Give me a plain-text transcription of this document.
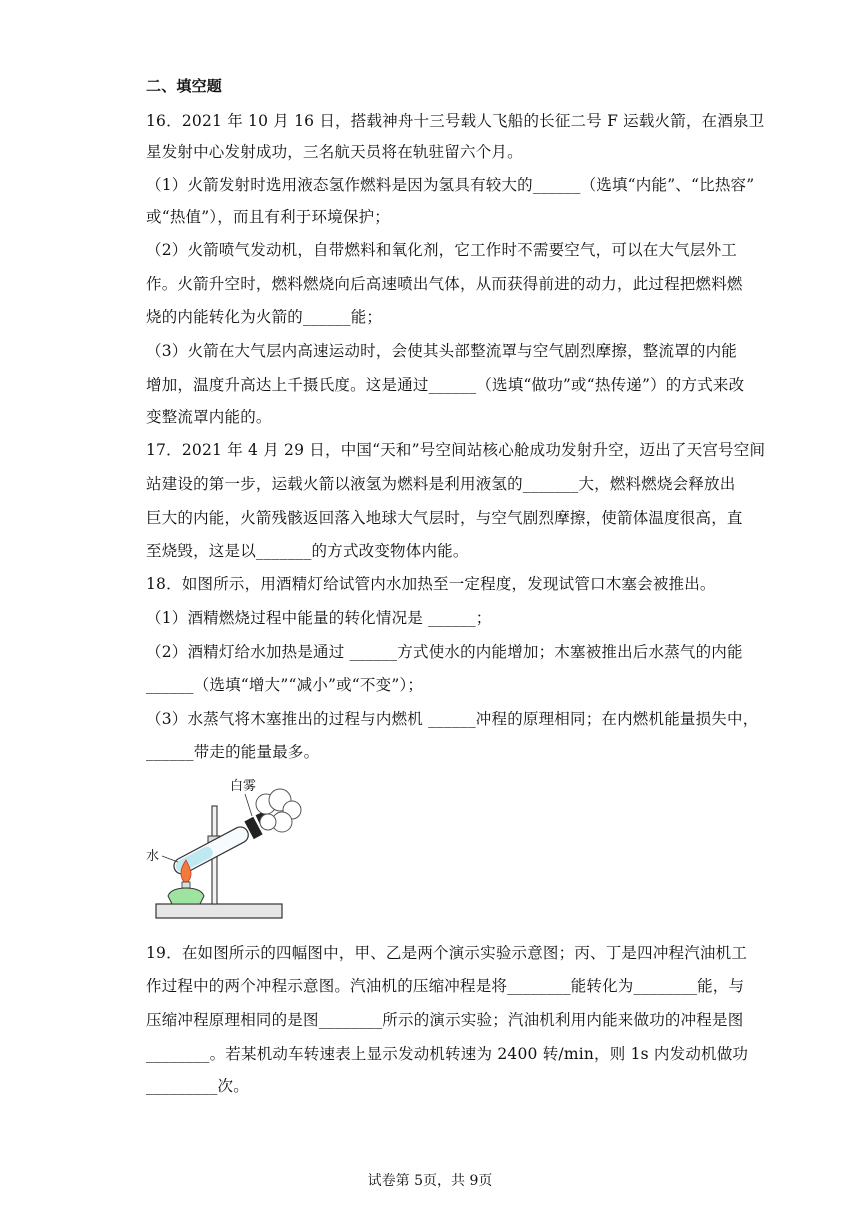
二、填空题
16．2021 年 10 月 16 日，搭载神舟十三号载人飞船的长征二号 F 运载火箭，在酒泉卫
星发射中心发射成功，三名航天员将在轨驻留六个月。
（1）火箭发射时选用液态氢作燃料是因为氢具有较大的______（选填“内能”、“比热容”
或“热值”），而且有利于环境保护；
（2）火箭喷气发动机，自带燃料和氧化剂，它工作时不需要空气，可以在大气层外工
作。火箭升空时，燃料燃烧向后高速喷出气体，从而获得前进的动力，此过程把燃料燃
烧的内能转化为火箭的______能；
（3）火箭在大气层内高速运动时，会使其头部整流罩与空气剧烈摩擦，整流罩的内能
增加，温度升高达上千摄氏度。这是通过______（选填“做功”或“热传递”）的方式来改
变整流罩内能的。
17．2021 年 4 月 29 日，中国“天和”号空间站核心舱成功发射升空，迈出了天宫号空间
站建设的第一步，运载火箭以液氢为燃料是利用液氢的_______大，燃料燃烧会释放出
巨大的内能，火箭残骸返回落入地球大气层时，与空气剧烈摩擦，使箭体温度很高，直
至烧毁，这是以_______的方式改变物体内能。
18．如图所示，用酒精灯给试管内水加热至一定程度，发现试管口木塞会被推出。
（1）酒精燃烧过程中能量的转化情况是 ______；
（2）酒精灯给水加热是通过 ______方式使水的内能增加；木塞被推出后水蒸气的内能
______（选填“增大”“减小”或“不变”）；
（3）水蒸气将木塞推出的过程与内燃机 ______冲程的原理相同；在内燃机能量损失中，
______带走的能量最多。
白雾
水
19．在如图所示的四幅图中，甲、乙是两个演示实验示意图；丙、丁是四冲程汽油机工
作过程中的两个冲程示意图。汽油机的压缩冲程是将________能转化为________能，与
压缩冲程原理相同的是图________所示的演示实验；汽油机利用内能来做功的冲程是图
________。若某机动车转速表上显示发动机转速为 2400 转/min，则 1s 内发动机做功
_________次。
试卷第 5页，共 9页
